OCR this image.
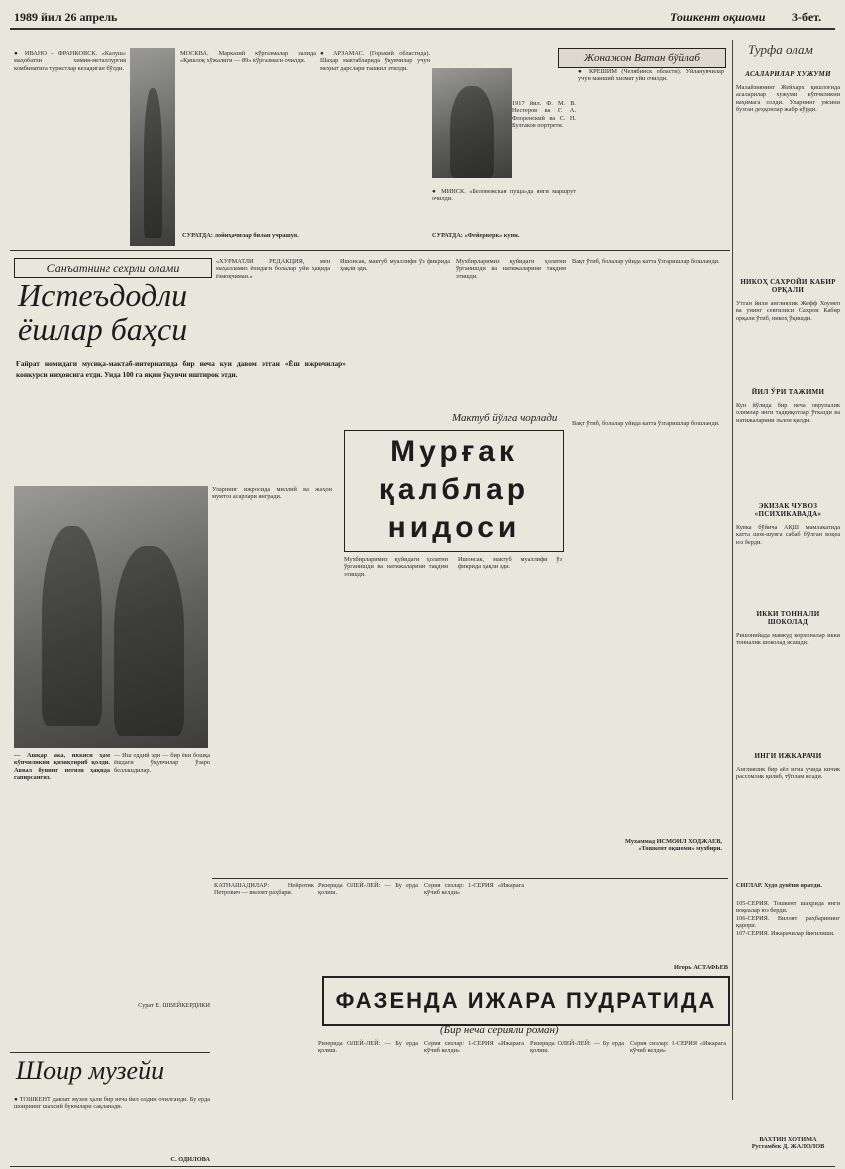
1989 йил 26 апрель	Тошкент оқшоми 3-бет.
Жонажон Ватан бўйлаб
Турфа олам
● ИВАНО - ФРАНКОВСК. «Калуш» маҳобатли химия-металлургия комбинатига туристлар келадиган бўлди.
МОСКВА. Марказий кўргазмалар залида «Қишлоқ хўжалиги — 89» кўргазмаси очилди.
● АРЗАМАС. (Горький областида). Шаҳар мактабларида ўқувчилар учун меҳнат дарслари ташкил этилди.
1917 йил. Ф. М. В. Нестеров ва Г. А. Флоренский ва С. Н. Булгаков портрети.
● КРЕШИМ (Челябинск области). Уйланувчилар учун маиший хизмат уйи очилди.
СУРАТДА: лойиҳачилар билан учрашув.	СУРАТДА: «Фейерверк» куни.
● МИНСК. «Беловежская пуща»да янги маршрут очилди.
АСАЛАРИЛАР ХУЖУМИ
Малайзиянинг Жейхарх қишлоғида асаларилар хужуми кўпчиликни ваҳимага солди. Уларнинг уясини бузган деҳқонлар жабр кўрди.
НИКОҲ САХРОЙИ КАБИР ОРҚАЛИ
Утган йили англиялик Жефф Хоумеп ва унинг севгилиси Сахрои Кабир орқали ўтиб, никоҳ ўқишди.
ЙИЛ ЎРИ ТАЖИМИ
Кун йўлида бир неча оврупалик олимлар янги тадқиқотлар ўтказди ва натижаларини эълон қилди.
ЭКИЗАК ЧУВОЗ «ПСИХИКАВАДА»
Кувка бўйича АҚШ мамлакатида катта шов-шувга сабаб бўлган воқеа юз берди.
ИККИ ТОННАЛИ ШОКОЛАД
Ришонийада мавжуд корхоналар икки тонналик шоколад ясашди.
ИНГИ ИЖКАРАЧИ
Англиялик бир аёл игна учида кичик рассомлик қилиб, тўплам ясади.
Санъатнинг сехрли олами
Истеъдодли
ёшлар баҳси
Ғайрат номидаги мусиқа-мактаб-интернатида бир неча кун давом этган «Ёш ижрочилар» конкурси ниҳоясига етди. Унда 100 га яқин ўқувчи иштирок этди.
— Ашқар ака, иккиси ҳам кўпчиликни қизиқтириб қолди. Аввал бунинг негизи ҳақида гапирсангиз.
— Иш оддий эди — бир ёки бошқа ёшдаги ўқувчилар ўзаро беллашдилар.
Сурат Е. ШВЕЙКЕРДИКИ
Уларнинг ижросида миллий ва жаҳон мумтоз асарлари янгради.
«ХУРМАТЛИ РЕДАКЦИЯ, мен маҳалламиз ёнидаги болалар уйи ҳақида ёзмоқчиман.»
Ишонсак, мактуб муаллифи ўз фикрида ҳақли эди.
Мухбирларимиз қуйидаги ҳолатни ўрганишди ва натижаларини тақдим этишди.
Вақт ўтиб, болалар уйида катта ўзгаришлар бошланди.
Мактуб йўлга чорлади
Мурғак
қалблар
нидоси
Мухбирларимиз қуйидаги ҳолатни ўрганишди ва натижаларини тақдим этишди.
Ишонсак, мактуб муаллифи ўз фикрида ҳақли эди.
Мухаммад ИСМОИЛ ХОДЖАЕВ,
«Тошкент оқшоми» мухбири.
Вақт ўтиб, болалар уйида катта ўзгаришлар бошланди.
Шоир музейи
● ТОШКЕНТ давлат музеи ҳали бир неча йил олдин очилганди. Бу ерда шоирнинг шахсий буюмлари сақланади.
С. ОДИЛОВА
КАТНАШАДИЛАР: Нейротик Петрович — вилоят раҳбари.
Ризерида ОЛЕЙ-ЛЕЙ: — Бу ерда қолиш.
Серия сизлар: 1-СЕРИЯ «Ижарага кўчиб келди»
Игорь АСТАФЬЕВ
ФАЗЕНДА ИЖАРА ПУДРАТИДА
(Бир неча серияли роман)
Ризерида ОЛЕЙ-ЛЕЙ: — Бу ерда қолиш.
Серия сизлар: 1-СЕРИЯ «Ижарага кўчиб келди»
Ризерида ОЛЕЙ-ЛЕЙ: — Бу ерда қолиш.
Серия сизлар: 1-СЕРИЯ «Ижарага кўчиб келди»
СИГЛАР. Худо дунёни яратди.
105-СЕРИЯ. Тошкент шаҳрида янги воқеалар юз берди.
106-СЕРИЯ. Вилоят раҳбарининг қарори.
107-СЕРИЯ. Ижарачилар йиғилиши.
ВАХТИН ХОТИМА
Рустамбек Д. ЖАЛОЛОВ
